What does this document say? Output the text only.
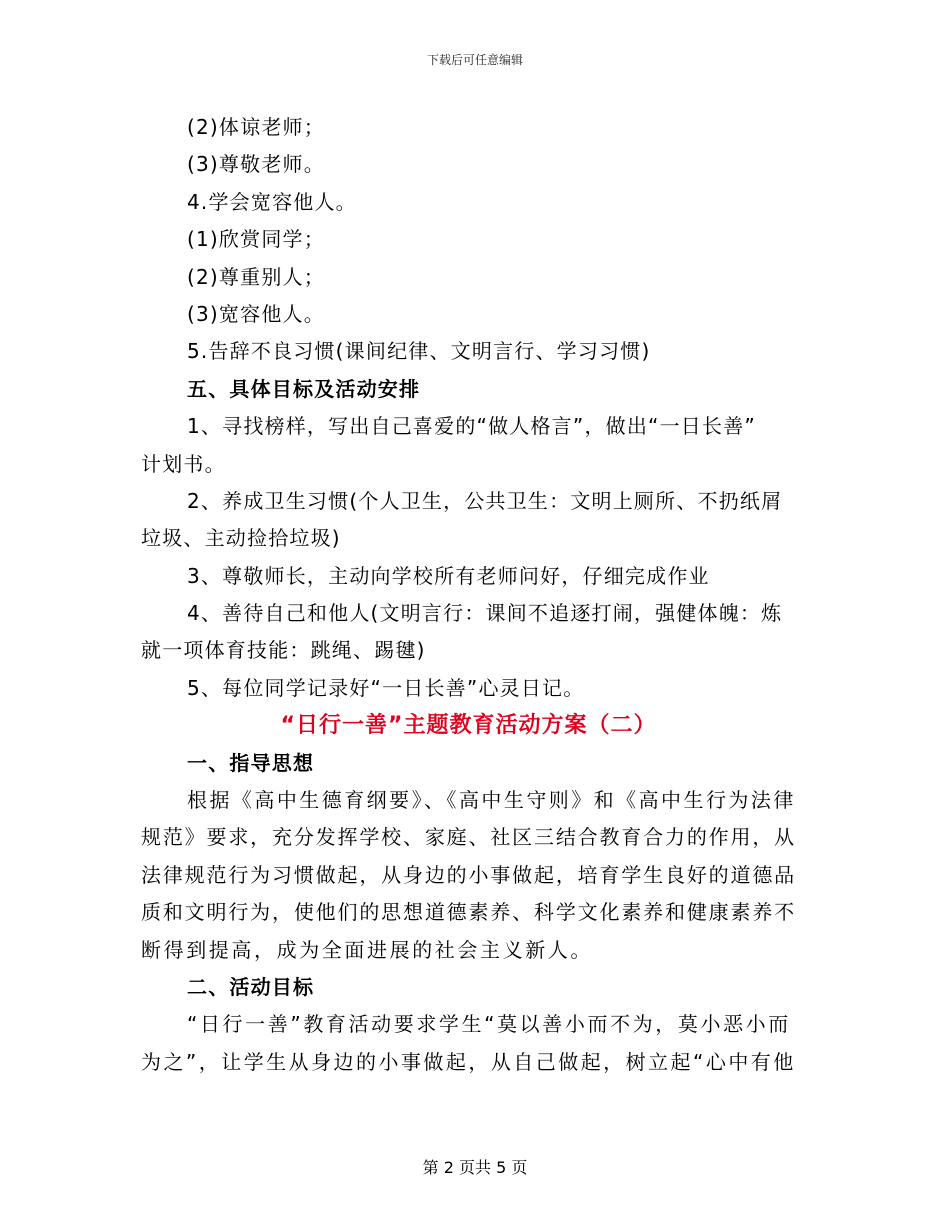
下载后可任意编辑
(2)体谅老师；
(3)尊敬老师。
4.学会宽容他人。
(1)欣赏同学；
(2)尊重别人；
(3)宽容他人。
5.告辞不良习惯(课间纪律、文明言行、学习习惯)
五、具体目标及活动安排
1、寻找榜样，写出自己喜爱的“做人格言”，做出“一日长善”
计划书。
2、养成卫生习惯(个人卫生，公共卫生：文明上厕所、不扔纸屑
垃圾、主动捡拾垃圾)
3、尊敬师长，主动向学校所有老师问好，仔细完成作业
4、善待自己和他人(文明言行：课间不追逐打闹，强健体魄：炼
就一项体育技能：跳绳、踢毽)
5、每位同学记录好“一日长善”心灵日记。
“日行一善”主题教育活动方案（二）
一、指导思想
根据《高中生德育纲要》、《高中生守则》和《高中生行为法律
规范》要求，充分发挥学校、家庭、社区三结合教育合力的作用，从
法律规范行为习惯做起，从身边的小事做起，培育学生良好的道德品
质和文明行为，使他们的思想道德素养、科学文化素养和健康素养不
断得到提高，成为全面进展的社会主义新人。
二、活动目标
“日行一善”教育活动要求学生“莫以善小而不为，莫小恶小而
为之”，让学生从身边的小事做起，从自己做起，树立起“心中有他
第 2 页共 5 页
